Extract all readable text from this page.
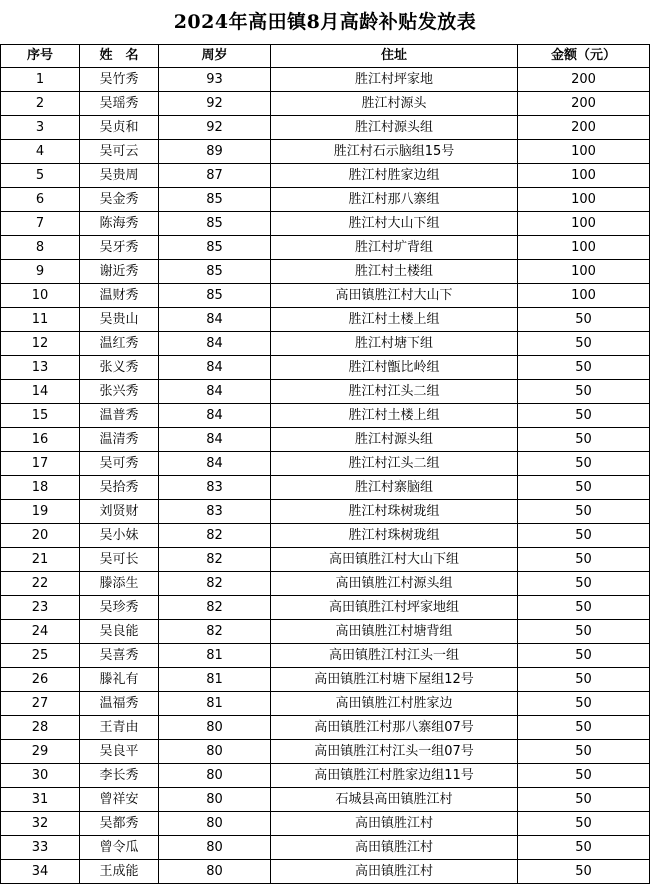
2024年高田镇8月高龄补贴发放表
序号	姓　名	周岁	住址	金额（元）
1	吴竹秀	93	胜江村坪家地	200
2	吴瑶秀	92	胜江村源头	200
3	吴贞和	92	胜江村源头组	200
4	吴可云	89	胜江村石示脑组15号	100
5	吴贵周	87	胜江村胜家边组	100
6	吴金秀	85	胜江村那八寨组	100
7	陈海秀	85	胜江村大山下组	100
8	吴牙秀	85	胜江村圹背组	100
9	谢近秀	85	胜江村土楼组	100
10	温财秀	85	高田镇胜江村大山下	100
11	吴贵山	84	胜江村土楼上组	50
12	温红秀	84	胜江村塘下组	50
13	张义秀	84	胜江村甑比岭组	50
14	张兴秀	84	胜江村江头二组	50
15	温普秀	84	胜江村土楼上组	50
16	温清秀	84	胜江村源头组	50
17	吴可秀	84	胜江村江头二组	50
18	吴拾秀	83	胜江村寨脑组	50
19	刘贤财	83	胜江村珠树珑组	50
20	吴小妹	82	胜江村珠树珑组	50
21	吴可长	82	高田镇胜江村大山下组	50
22	滕添生	82	高田镇胜江村源头组	50
23	吴珍秀	82	高田镇胜江村坪家地组	50
24	吴良能	82	高田镇胜江村塘背组	50
25	吴喜秀	81	高田镇胜江村江头一组	50
26	滕礼有	81	高田镇胜江村塘下屋组12号	50
27	温福秀	81	高田镇胜江村胜家边	50
28	王青由	80	高田镇胜江村那八寨组07号	50
29	吴良平	80	高田镇胜江村江头一组07号	50
30	李长秀	80	高田镇胜江村胜家边组11号	50
31	曾祥安	80	石城县高田镇胜江村	50
32	吴都秀	80	高田镇胜江村	50
33	曾令瓜	80	高田镇胜江村	50
34	王成能	80	高田镇胜江村	50
